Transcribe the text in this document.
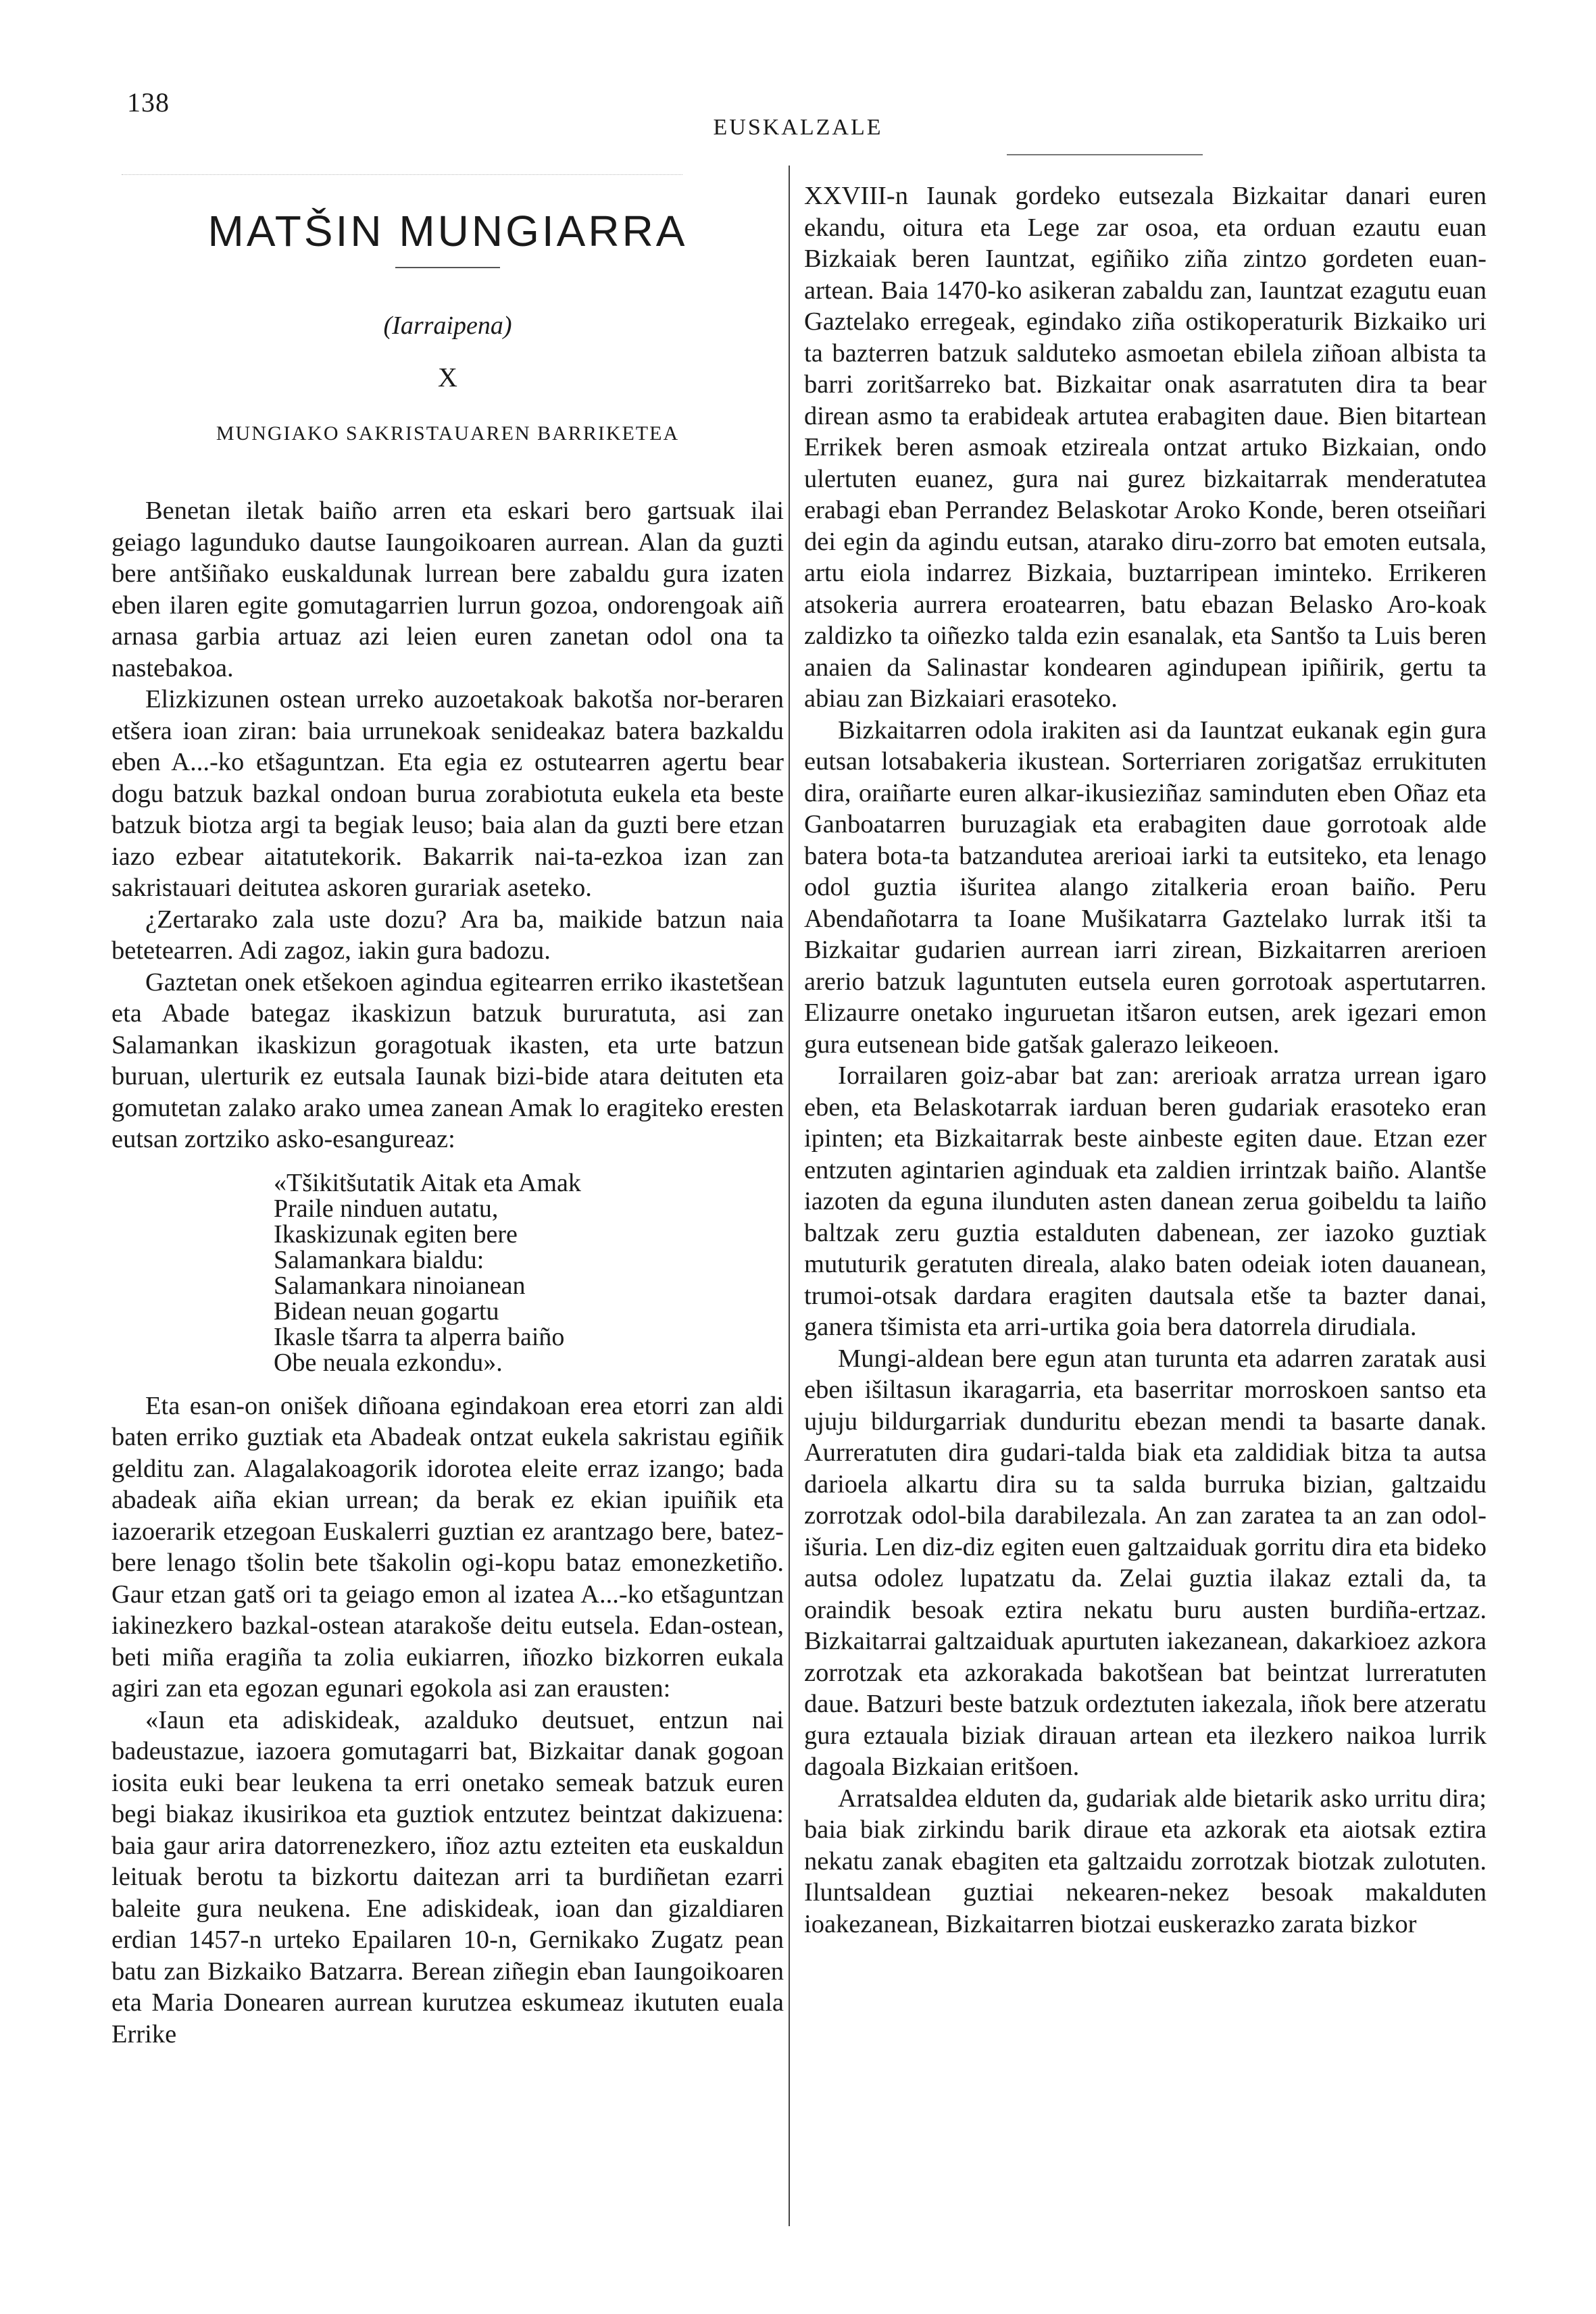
138
EUSKALZALE
MATŠIN MUNGIARRA
(Iarraipena)
X
MUNGIAKO SAKRISTAUAREN BARRIKETEA

Benetan iletak baiño arren eta eskari bero gartsuak ilai geiago lagunduko dautse Iaungoikoaren aurrean. Alan da guzti bere antšiñako euskaldunak lurrean bere zabaldu gura izaten eben ilaren egite gomutagarrien lurrun gozoa, ondorengoak aiñ arnasa garbia artuaz azi leien euren zanetan odol ona ta nastebakoa.

Elizkizunen ostean urreko auzoetakoak bakotša nor-beraren etšera ioan ziran: baia urrunekoak senideakaz batera bazkaldu eben A...-ko etšaguntzan. Eta egia ez ostutearren agertu bear dogu batzuk bazkal ondoan burua zorabiotuta eukela eta beste batzuk biotza argi ta begiak leuso; baia alan da guzti bere etzan iazo ezbear aitatutekorik. Bakarrik nai-ta-ezkoa izan zan sakristauari deitutea askoren gurariak aseteko.

¿Zertarako zala uste dozu? Ara ba, maikide batzun naia betetearren. Adi zagoz, iakin gura badozu.

Gaztetan onek etšekoen agindua egitearren erriko ikastetšean eta Abade bategaz ikaskizun batzuk bururatuta, asi zan Salamankan ikaskizun goragotuak ikasten, eta urte batzun buruan, ulerturik ez eutsala Iaunak bizi-bide atara deituten eta gomutetan zalako arako umea zanean Amak lo eragiteko eresten eutsan zortziko asko-esangureaz:

«Tšikitšutatik Aitak eta Amak
Praile ninduen autatu,
Ikaskizunak egiten bere
Salamankara bialdu:
Salamankara ninoianean
Bidean neuan gogartu
Ikasle tšarra ta alperra baiño
Obe neuala ezkondu».

Eta esan-on onišek diñoana egindakoan erea etorri zan aldi baten erriko guztiak eta Abadeak ontzat eukela sakristau egiñik gelditu zan. Alagalakoagorik idorotea eleite erraz izango; bada abadeak aiña ekian urrean; da berak ez ekian ipuiñik eta iazoerarik etzegoan Euskalerri guztian ez arantzago bere, batez-bere lenago tšolin bete tšakolin ogi-kopu bataz emonezketiño. Gaur etzan gatš ori ta geiago emon al izatea A...-ko etšaguntzan iakinezkero bazkal-ostean atarakoše deitu eutsela. Edan-ostean, beti miña eragiña ta zolia eukiarren, iñozko bizkorren eukala agiri zan eta egozan egunari egokola asi zan erausten:

«Iaun eta adiskideak, azalduko deutsuet, entzun nai badeustazue, iazoera gomutagarri bat, Bizkaitar danak gogoan iosita euki bear leukena ta erri onetako semeak batzuk euren begi biakaz ikusirikoa eta guztiok entzutez beintzat dakizuena: baia gaur arira datorrenezkero, iñoz aztu ezteiten eta euskaldun leituak berotu ta bizkortu daitezan arri ta burdiñetan ezarri baleite gura neukena. Ene adiskideak, ioan dan gizaldiaren erdian 1457-n urteko Epailaren 10-n, Gernikako Zugatz pean batu zan Bizkaiko Batzarra. Berean ziñegin eban Iaungoikoaren eta Maria Donearen aurrean kurutzea eskumeaz ikututen euala Errike

XXVIII-n Iaunak gordeko eutsezala Bizkaitar danari euren ekandu, oitura eta Lege zar osoa, eta orduan ezautu euan Bizkaiak beren Iauntzat, egiñiko ziña zintzo gordeten euan-artean. Baia 1470-ko asikeran zabaldu zan, Iauntzat ezagutu euan Gaztelako erregeak, egindako ziña ostikoperaturik Bizkaiko uri ta bazterren batzuk salduteko asmoetan ebilela ziñoan albista ta barri zoritšarreko bat. Bizkaitar onak asarratuten dira ta bear direan asmo ta erabideak artutea erabagiten daue. Bien bitartean Errikek beren asmoak etzireala ontzat artuko Bizkaian, ondo ulertuten euanez, gura nai gurez bizkaitarrak menderatutea erabagi eban Perrandez Belaskotar Aroko Konde, beren otseiñari dei egin da agindu eutsan, atarako diru-zorro bat emoten eutsala, artu eiola indarrez Bizkaia, buztarripean iminteko. Errikeren atsokeria aurrera eroatearren, batu ebazan Belasko Aro-koak zaldizko ta oiñezko talda ezin esanalak, eta Santšo ta Luis beren anaien da Salinastar kondearen agindupean ipiñirik, gertu ta abiau zan Bizkaiari erasoteko.

Bizkaitarren odola irakiten asi da Iauntzat eukanak egin gura eutsan lotsabakeria ikustean. Sorterriaren zorigatšaz errukituten dira, oraiñarte euren alkar-ikusieziñaz saminduten eben Oñaz eta Ganboatarren buruzagiak eta erabagiten daue gorrotoak alde batera bota-ta batzandutea arerioai iarki ta eutsiteko, eta lenago odol guztia išuritea alango zitalkeria eroan baiño. Peru Abendañotarra ta Ioane Mušikatarra Gaztelako lurrak itši ta Bizkaitar gudarien aurrean iarri zirean, Bizkaitarren arerioen arerio batzuk laguntuten eutsela euren gorrotoak aspertutarren. Elizaurre onetako inguruetan itšaron eutsen, arek igezari emon gura eutsenean bide gatšak galerazo leikeoen.

Iorrailaren goiz-abar bat zan: arerioak arratza urrean igaro eben, eta Belaskotarrak iarduan beren gudariak erasoteko eran ipinten; eta Bizkaitarrak beste ainbeste egiten daue. Etzan ezer entzuten agintarien aginduak eta zaldien irrintzak baiño. Alantše iazoten da eguna ilunduten asten danean zerua goibeldu ta laiño baltzak zeru guztia estalduten dabenean, zer iazoko guztiak mututurik geratuten direala, alako baten odeiak ioten dauanean, trumoi-otsak dardara eragiten dautsala etše ta bazter danai, ganera tšimista eta arri-urtika goia bera datorrela dirudiala.

Mungi-aldean bere egun atan turunta eta adarren zaratak ausi eben išiltasun ikaragarria, eta baserritar morroskoen santso eta ujuju bildurgarriak dunduritu ebezan mendi ta basarte danak. Aurreratuten dira gudari-talda biak eta zaldidiak bitza ta autsa darioela alkartu dira su ta salda burruka bizian, galtzaidu zorrotzak odol-bila darabilezala. An zan zaratea ta an zan odol-išuria. Len diz-diz egiten euen galtzaiduak gorritu dira eta bideko autsa odolez lupatzatu da. Zelai guztia ilakaz eztali da, ta oraindik besoak eztira nekatu buru austen burdiña-ertzaz. Bizkaitarrai galtzaiduak apurtuten iakezanean, dakarkioez azkora zorrotzak eta azkorakada bakotšean bat beintzat lurreratuten daue. Batzuri beste batzuk ordeztuten iakezala, iñok bere atzeratu gura eztauala biziak dirauan artean eta ilezkero naikoa lurrik dagoala Bizkaian eritšoen.

Arratsaldea elduten da, gudariak alde bietarik asko urritu dira; baia biak zirkindu barik diraue eta azkorak eta aiotsak eztira nekatu zanak ebagiten eta galtzaidu zorrotzak biotzak zulotuten. Iluntsaldean guztiai nekearen-nekez besoak makalduten ioakezanean, Bizkaitarren biotzai euskerazko zarata bizkor
